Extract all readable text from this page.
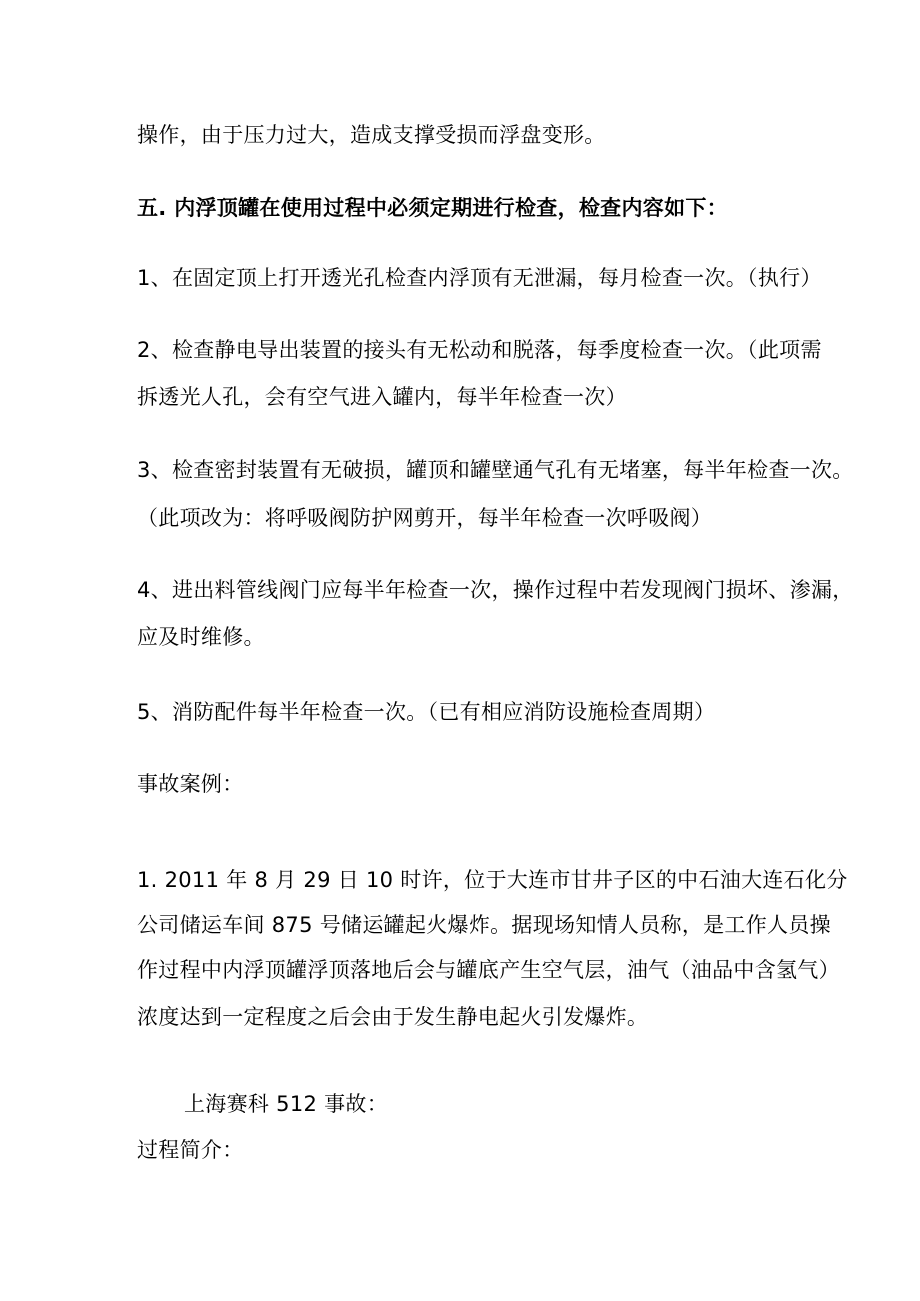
操作，由于压力过大，造成支撑受损而浮盘变形。
五. 内浮顶罐在使用过程中必须定期进行检查，检查内容如下：
1、在固定顶上打开透光孔检查内浮顶有无泄漏，每月检查一次。（执行）
2、检查静电导出装置的接头有无松动和脱落，每季度检查一次。（此项需
拆透光人孔，会有空气进入罐内，每半年检查一次）
3、检查密封装置有无破损，罐顶和罐壁通气孔有无堵塞，每半年检查一次。
（此项改为：将呼吸阀防护网剪开，每半年检查一次呼吸阀）
4、进出料管线阀门应每半年检查一次，操作过程中若发现阀门损坏、渗漏，
应及时维修。
5、消防配件每半年检查一次。（已有相应消防设施检查周期）
事故案例：
1. 2011 年 8 月 29 日 10 时许，位于大连市甘井子区的中石油大连石化分
公司储运车间 875 号储运罐起火爆炸。据现场知情人员称，是工作人员操
作过程中内浮顶罐浮顶落地后会与罐底产生空气层，油气（油品中含氢气）
浓度达到一定程度之后会由于发生静电起火引发爆炸。
上海赛科 512 事故：
过程简介：
